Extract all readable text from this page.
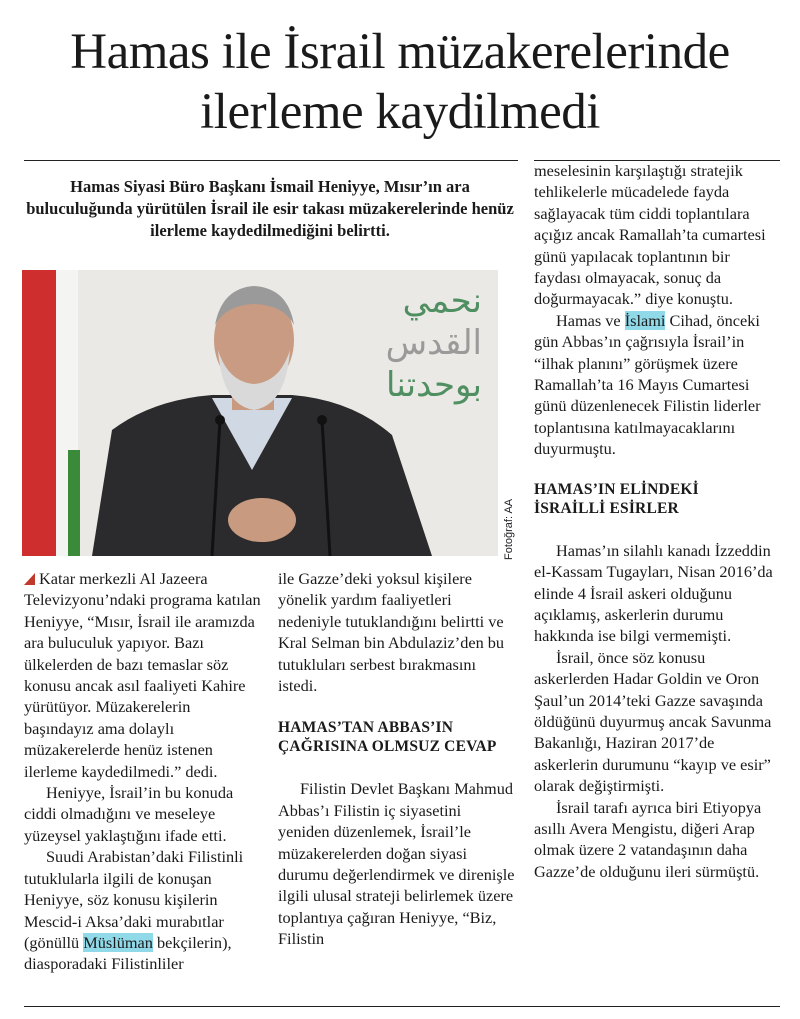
Hamas ile İsrail müzakerelerinde
ilerleme kaydilmedi

Hamas Siyasi Büro Başkanı İsmail Heniyye, Mısır’ın ara buluculuğunda yürütülen İsrail ile esir takası müzakerelerinde henüz ilerleme kaydedilmediğini belirtti.

نحمي
القدس
بوحدتنا
Fotoğraf: AA

Katar merkezli Al Jazeera Televizyonu’ndaki programa katılan Heniyye, “Mısır, İsrail ile aramızda ara buluculuk yapıyor. Bazı ülkelerden de bazı temaslar söz konusu ancak asıl faaliyeti Kahire yürütüyor. Müzakerelerin başındayız ama dolaylı müzakerelerde henüz istenen ilerleme kaydedilmedi.” dedi.

Heniyye, İsrail’in bu konuda ciddi olmadığını ve meseleye yüzeysel yaklaştığını ifade etti.

Suudi Arabistan’daki Filistinli tutuklularla ilgili de konuşan Heniyye, söz konusu kişilerin Mescid-i Aksa’daki murabıtlar (gönüllü Müslüman bekçilerin), diasporadaki Filistinliler

ile Gazze’deki yoksul kişilere yönelik yardım faaliyetleri nedeniyle tutuklandığını belirtti ve Kral Selman bin Abdulaziz’den bu tutukluları serbest bırakmasını istedi.

HAMAS’TAN ABBAS’IN ÇAĞRISINA OLMSUZ CEVAP

Filistin Devlet Başkanı Mahmud Abbas’ı Filistin iç siyasetini yeniden düzenlemek, İsrail’le müzakerelerden doğan siyasi durumu değerlendirmek ve direnişle ilgili ulusal strateji belirlemek üzere toplantıya çağıran Heniyye, “Biz, Filistin

meselesinin karşılaştığı stratejik tehlikelerle mücadelede fayda sağlayacak tüm ciddi toplantılara açığız ancak Ramallah’ta cumartesi günü yapılacak toplantının bir faydası olmayacak, sonuç da doğurmayacak.” diye konuştu.

Hamas ve İslami Cihad, önceki gün Abbas’ın çağrısıyla İsrail’in “ilhak planını” görüşmek üzere Ramallah’ta 16 Mayıs Cumartesi günü düzenlenecek Filistin liderler toplantısına katılmayacaklarını duyurmuştu.

HAMAS’IN ELİNDEKİ İSRAİLLİ ESİRLER

Hamas’ın silahlı kanadı İzzeddin el-Kassam Tugayları, Nisan 2016’da elinde 4 İsrail askeri olduğunu açıklamış, askerlerin durumu hakkında ise bilgi vermemişti.

İsrail, önce söz konusu askerlerden Hadar Goldin ve Oron Şaul’un 2014’teki Gazze savaşında öldüğünü duyurmuş ancak Savunma Bakanlığı, Haziran 2017’de askerlerin durumunu “kayıp ve esir” olarak değiştirmişti.

İsrail tarafı ayrıca biri Etiyopya asıllı Avera Mengistu, diğeri Arap olmak üzere 2 vatandaşının daha Gazze’de olduğunu ileri sürmüştü.
